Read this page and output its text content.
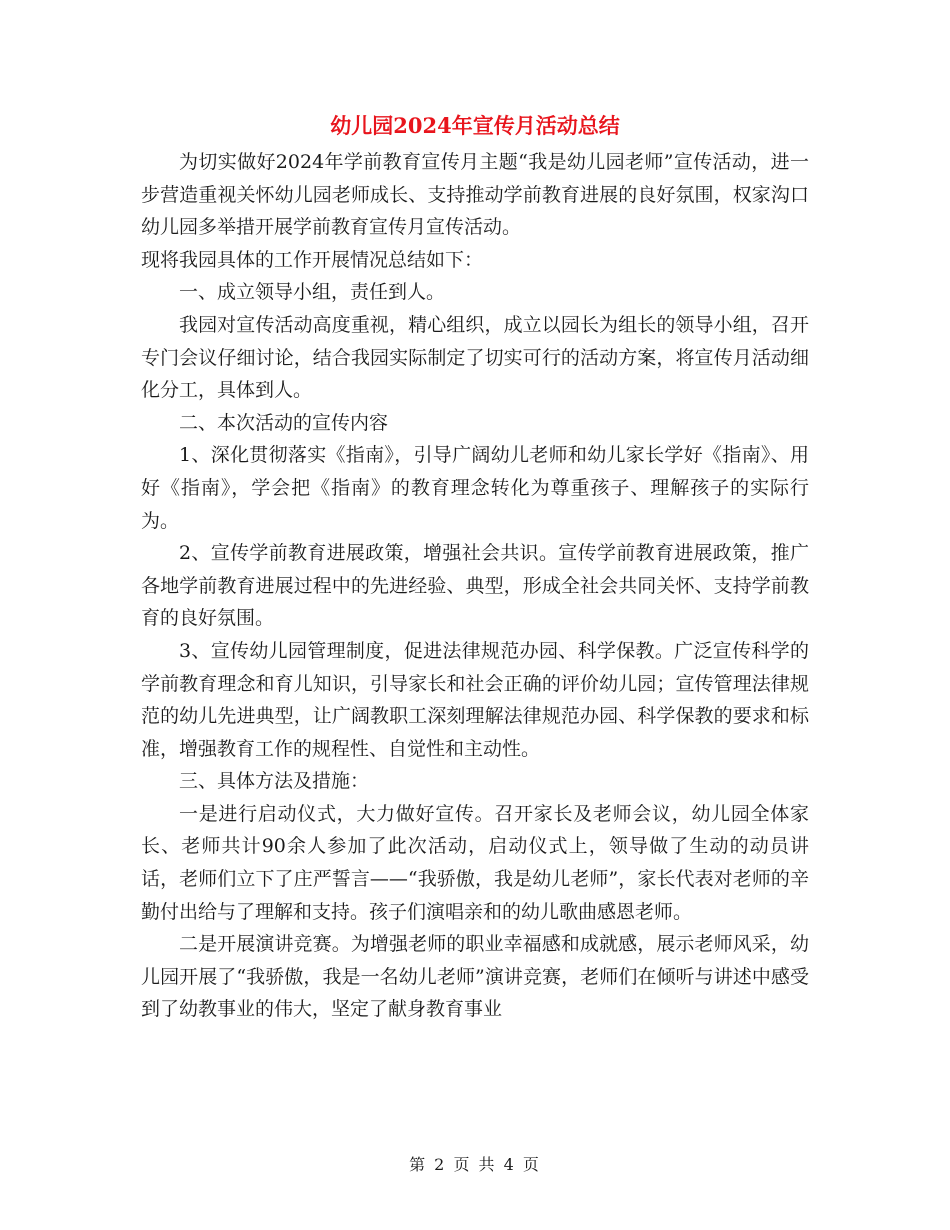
幼儿园2024年宣传月活动总结

为切实做好2024年学前教育宣传月主题“我是幼儿园老师”宣传活动，进一步营造重视关怀幼儿园老师成长、支持推动学前教育进展的良好氛围，权家沟口幼儿园多举措开展学前教育宣传月宣传活动。

现将我园具体的工作开展情况总结如下：

一、成立领导小组，责任到人。

我园对宣传活动高度重视，精心组织，成立以园长为组长的领导小组，召开专门会议仔细讨论，结合我园实际制定了切实可行的活动方案，将宣传月活动细化分工，具体到人。

二、本次活动的宣传内容

1、深化贯彻落实《指南》，引导广阔幼儿老师和幼儿家长学好《指南》、用好《指南》，学会把《指南》的教育理念转化为尊重孩子、理解孩子的实际行为。

2、宣传学前教育进展政策，增强社会共识。宣传学前教育进展政策，推广各地学前教育进展过程中的先进经验、典型，形成全社会共同关怀、支持学前教育的良好氛围。

3、宣传幼儿园管理制度，促进法律规范办园、科学保教。广泛宣传科学的学前教育理念和育儿知识，引导家长和社会正确的评价幼儿园；宣传管理法律规范的幼儿先进典型，让广阔教职工深刻理解法律规范办园、科学保教的要求和标准，增强教育工作的规程性、自觉性和主动性。

三、具体方法及措施：

一是进行启动仪式，大力做好宣传。召开家长及老师会议，幼儿园全体家长、老师共计90余人参加了此次活动，启动仪式上，领导做了生动的动员讲话，老师们立下了庄严誓言——“我骄傲，我是幼儿老师”，家长代表对老师的辛勤付出给与了理解和支持。孩子们演唱亲和的幼儿歌曲感恩老师。

二是开展演讲竞赛。为增强老师的职业幸福感和成就感，展示老师风采，幼儿园开展了“我骄傲，我是一名幼儿老师”演讲竞赛，老师们在倾听与讲述中感受到了幼教事业的伟大，坚定了献身教育事业

第 2 页 共 4 页
